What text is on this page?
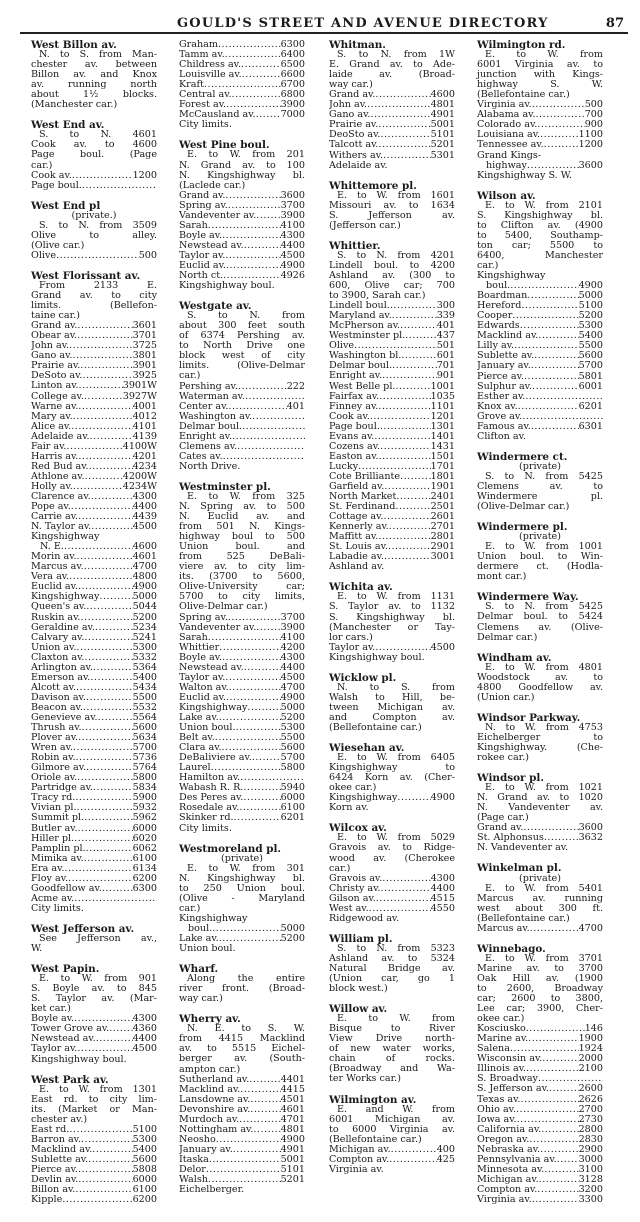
GOULD'S STREET AND AVENUE DIRECTORY	87
West Billon av.
N. to S. from Man-
chester av. between
Billon av. and Knox
av. running north
about 1½ blocks.
(Manchester car.)
West End av.
S. to N. 4601
Cook av. to 4600
Page boul. (Page
car.)
Cook av. .....	1200
Page boul.
.....
West End pl
(private.)
S. to N. from 3509
Olive to alley.
(Olive car.)
Olive .....	500
West Florissant av.
From 2133 E.
Grand av. to city
limits. (Bellefon-
taine car.)
Grand av. .....	3601
Obear av. .....	3701
John av. .....	3725
Gano av. .....	3801
Prairie av. .....	3901
DeSoto av. .....	3925
Linton av. .....	3901W
College av. .....	3927W
Warne av. .....	4001
Mary av. .....	4012
Alice av. .....	4101
Adelaide av. .....	4139
Fair av. .....	4100W
Harris av. .....	4201
Red Bud av. .....	4234
Athlone av. .....	4200W
Holly av. .....	4234W
Clarence av. .....	4300
Pope av. .....	4400
Carrie av. .....	4439
N. Taylor av. .....	4500
Kingshighway
N. E. .....	4600
Morin av. .....	4601
Marcus av. .....	4700
Vera av. .....	4800
Euclid av. .....	4900
Kingshighway .....	5000
Queen's av. .....	5044
Ruskin av. .....	5200
Geraldine av. .....	5234
Calvary av. .....	5241
Union av. .....	5300
Claxton av. .....	5332
Arlington av. .....	5364
Emerson av. .....	5400
Alcott av. .....	5434
Davison av. .....	5500
Beacon av. .....	5532
Genevieve av. .....	5564
Thrush av. .....	5600
Plover av. .....	5634
Wren av. .....	5700
Robin av. .....	5736
Gilmore av. .....	5764
Oriole av. .....	5800
Partridge av. .....	5834
Tracy rd. .....	5900
Vivian pl. .....	5932
Summit pl. .....	5962
Butler av. .....	6000
Hiller pl. .....	6020
Pamplin pl. .....	6062
Mimika av. .....	6100
Era av. .....	6134
Floy av. .....	6200
Goodfellow av. .....	6300
Acme av.
.....
City limits.
West Jefferson av.
See Jefferson av.,
W.
West Papin.
E. to W. from 901
S. Boyle av. to 845
S. Taylor av. (Mar-
ket car.)
Boyle av. .....	4300
Tower Grove av. ..... 4360
Newstead av. .....	4400
Taylor av. .....	4500
Kingshighway boul.
West Park av.
E. to W. from 1301
East rd. to city lim-
its. (Market or Man-
chester av.)
East rd. .....	5100
Barron av. .....	5300
Macklind av. .....	5400
Sublette av. .....	5600
Pierce av. .....	5808
Devlin av. .....	6000
Billon av. .....	6100
Kipple .....	6200
Graham .....	6300
Tamm av. .....	6400
Childress av. .....	6500
Louisville av. .....	6600
Kraft .....	6700
Central av. .....	6800
Forest av. .....	3900
McCausland av. .....	7000
City limits.
West Pine boul.
E. to W. from 201
N. Grand av. to 100
N. Kingshighway bl.
(Laclede car.)
Grand av. .....	3600
Spring av. .....	3700
Vandeventer av. .....	3900
Sarah .....	4100
Boyle av. .....	4300
Newstead av. .....	4400
Taylor av. .....	4500
Euclid av. .....	4900
North ct. .....	4926
Kingshighway boul.
Westgate av.
S. to N. from
about 300 feet south
of 6374 Pershing av.
to North Drive one
block west of city
limits. (Olive-Delmar
car.)
Pershing av. .....	222
Waterman av.
.....
Center av. .....	401
Washington av.
.....
Delmar boul.
.....
Enright av.
.....
Clemens av.
.....
Cates av.
.....
North Drive.
Westminster pl.
E. to W. from 325
N. Spring av. to 500
N. Euclid av. and
from 501 N. Kings-
highway boul to 500
Union boul. and
from 525 DeBali-
viere av. to city lim-
its. (3700 to 5600,
Olive-University car;
5700 to city limits,
Olive-Delmar car.)
Spring av. .....	3700
Vandeventer av. .....	3900
Sarah .....	4100
Whittier .....	4200
Boyle av. .....	4300
Newstead av. .....	4400
Taylor av. .....	4500
Walton av. .....	4700
Euclid av. .....	4900
Kingshighway .....	5000
Lake av. .....	5200
Union boul. .....	5300
Belt av. .....	5500
Clara av. .....	5600
DeBaliviere av. .....	5700
Laurel .....	5800
Hamilton av.
.....
Wabash R. R. .....	5940
Des Peres av. .....	6000
Rosedale av. .....	6100
Skinker rd. .....	6201
City limits.
Westmoreland pl.
(private)
E. to W. from 301
N. Kingshighway bl.
to 250 Union boul.
(Olive - Maryland
car.)
Kingshighway
boul. .....	5000
Lake av. .....	5200
Union boul.
Wharf.
Along the entire
river front. (Broad-
way car.)
Wherry av.
N. E. to S. W.
from 4415 Macklind
av. to 5515 Eichel-
berger av. (South-
ampton car.)
Sutherland av. .....	4401
Macklind av. .....	4415
Lansdowne av. .....	4501
Devonshire av. .....	4601
Murdoch av. .....	4701
Nottingham av. .....	4801
Neosho .....	4900
January av. .....	4901
Itaska .....	5001
Delor .....	5101
Walsh .....	5201
Eichelberger.
Whitman.
S. to N. from 1W
E. Grand av. to Ade-
laide av. (Broad-
way car.)
Grand av. .....	4600
John av. .....	4801
Gano av. .....	4901
Prairie av. .....	5001
DeoSto av. .....	5101
Talcott av. .....	5201
Withers av. .....	5301
Adelaide av.
Whittemore pl.
E. to W. from 1601
Missouri av. to 1634
S. Jefferson av.
(Jefferson car.)
Whittier.
S. to N. from 4201
Lindell boul. to 4200
Ashland av. (300 to
600, Olive car; 700
to 3900, Sarah car.)
Lindell boul. .....	300
Maryland av. .....	339
McPherson av. .....	401
Westminster pl. .....	437
Olive .....	501
Washington bl. .....	601
Delmar boul. .....	701
Enright av. .....	901
West Belle pl. .....	1001
Fairfax av. .....	1035
Finney av. .....	1101
Cook av. .....	1201
Page boul. .....	1301
Evans av. .....	1401
Cozens av. .....	1431
Easton av. .....	1501
Lucky .....	1701
Cote Brilliante .....	1801
Garfield av. .....	1901
North Market .....	2401
St. Ferdinand .....	2501
Cottage av. .....	2601
Kennerly av. .....	2701
Maffitt av. .....	2801
St. Louis av. .....	2901
Labadie av. .....	3001
Ashland av.
Wichita av.
E. to W. from 1131
S. Taylor av. to 1132
S. Kingshighway bl.
(Manchester or Tay-
lor cars.)
Taylor av. .....	4500
Kingshighway boul.
Wicklow pl.
N. to S. from
Walsh to Hill, be-
tween Michigan av.
and Compton av.
(Bellefontaine car.)
Wiesehan av.
E. to W. from 6405
Kingshighway to
6424 Korn av. (Cher-
okee car.)
Kingshighway .....	4900
Korn av.
Wilcox av.
E. to W. from 5029
Gravois av. to Ridge-
wood av. (Cherokee
car.)
Gravois av. .....	4300
Christy av. .....	4400
Gilson av. .....	4515
West av. .....	4550
Ridgewood av.
William pl.
S. to N. from 5323
Ashland av. to 5324
Natural Bridge av.
(Union car, go 1
block west.)
Willow av.
E. to W. from
Bisque to River
View Drive north-
of new water works,
chain of rocks.
(Broadway and Wa-
ter Works car.)
Wilmington av.
E. and W. from
6001 Michigan av.
to 6000 Virginia av.
(Bellefontaine car.)
Michigan av. .....	400
Compton av. .....	425
Virginia av.
Wilmington rd.
E. to W. from
6001 Virginia av. to
junction with Kings-
highway S. W.
(Bellefontaine car.)
Virginia av. .....	500
Alabama av. .....	700
Colorado av. .....	900
Louisiana av. .....	1100
Tennessee av. .....	1200
Grand Kings-
highway .....	3600
Kingshighway S. W.
Wilson av.
E. to W. from 2101
S. Kingshighway bl.
to Clifton av. (4900
to 5400, Southamp-
ton car; 5500 to
6400, Manchester
car.)
Kingshighway
boul. .....	4900
Boardman .....	5000
Hereford .....	5100
Cooper .....	5200
Edwards .....	5300
Macklind av. .....	5400
Lilly av. .....	5500
Sublette av. .....	5600
January av. .....	5700
Pierce av. .....	5801
Sulphur av. .....	6001
Esther av.
.....
Knox av. .....	6201
Grove av.
.....
Famous av. .....	6301
Clifton av.
Windermere ct.
(private)
S. to N. from 5425
Clemens av. to
Windermere pl.
(Olive-Delmar car.)
Windermere pl.
(private)
E. to W. from 1001
Union boul. to Win-
dermere ct. (Hodla-
mont car.)
Windermere Way.
S. to N. from 5425
Delmar boul. to 5424
Clemens av. (Olive-
Delmar car.)
Windham av.
E. to W. from 4801
Woodstock av. to
4800 Goodfellow av.
(Union car.)
Windsor Parkway.
N. to W. from 4753
Eichelberger to
Kingshighway. (Che-
rokee car.)
Windsor pl.
E. to W. from 1021
N. Grand av. to 1020
N. Vandeventer av.
(Page car.)
Grand av. .....	3600
St. Alphonsus .....	3632
N. Vandeventer av.
Winkelman pl.
(private)
E. to W. from 5401
Marcus av. running
west about 300 ft.
(Bellefontaine car.)
Marcus av. .....	4700
Winnebago.
E. to W. from 3701
Marine av. to 3700
Oak Hill av. (1900
to 2600, Broadway
car; 2600 to 3800,
Lee car; 3900, Cher-
okee car.)
Kosciusko .....	146
Marine av. .....	1900
Salena .....	1924
Wisconsin av. .....	2000
Illinois av. .....	2100
S. Broadway
.....
S. Jefferson av. .....	2600
Texas av. .....	2626
Ohio av. .....	2700
Iowa av. .....	2730
California av. .....	2800
Oregon av. .....	2830
Nebraska av. .....	2900
Pennsylvania av. ..... 3000
Minnesota av. .....	3100
Michigan av. .....	3128
Compton av. .....	3200
Virginia av. .....	3300
